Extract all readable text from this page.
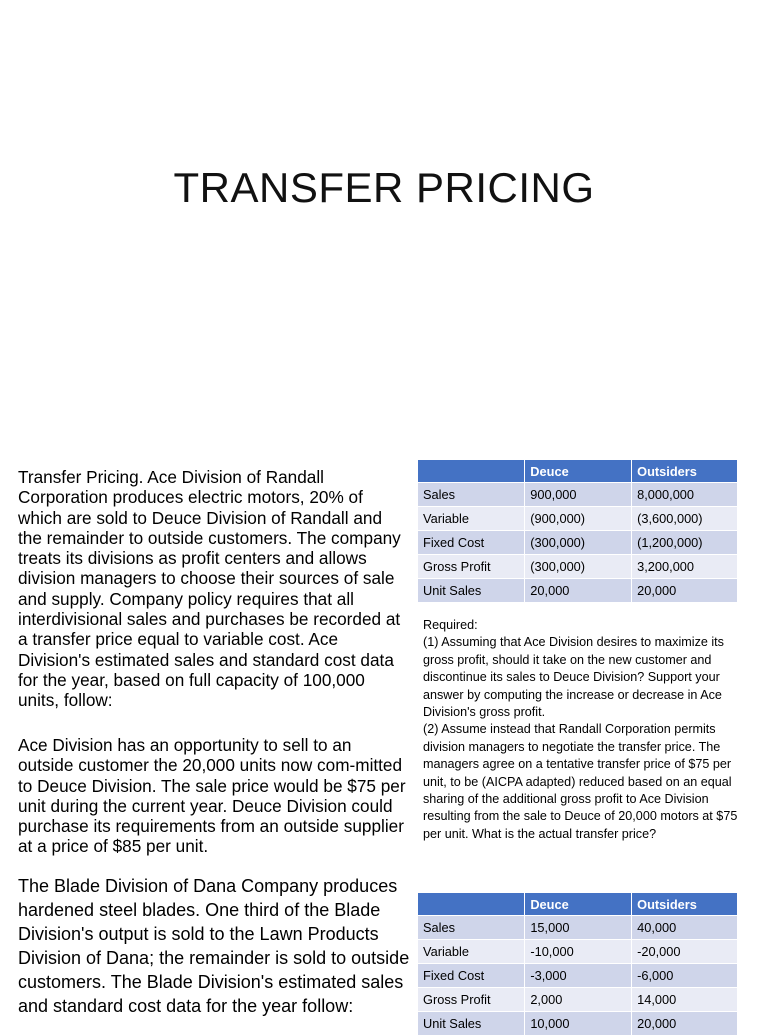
TRANSFER PRICING
Transfer Pricing. Ace Division of Randall Corporation produces electric motors, 20% of which are sold to Deuce Division of Randall and the remainder to outside customers. The company treats its divisions as profit centers and allows division managers to choose their sources of sale and supply. Company policy requires that all interdivisional sales and purchases be recorded at a transfer price equal to variable cost. Ace Division's estimated sales and standard cost data for the year, based on full capacity of 100,000 units, follow:
Ace Division has an opportunity to sell to an outside customer the 20,000 units now com-mitted to Deuce Division. The sale price would be $75 per unit during the current year. Deuce Division could purchase its requirements from an outside supplier at a price of $85 per unit.
The Blade Division of Dana Company produces hardened steel blades. One third of the Blade Division's output is sold to the Lawn Products Division of Dana; the remainder is sold to outside customers. The Blade Division's estimated sales and standard cost data for the year follow:
	Deuce	Outsiders
Sales	900,000	8,000,000
Variable	(900,000)	(3,600,000)
Fixed Cost	(300,000)	(1,200,000)
Gross Profit	(300,000)	3,200,000
Unit Sales	20,000	20,000

Required:

(1) Assuming that Ace Division desires to maximize its gross profit, should it take on the new customer and discontinue its sales to Deuce Division? Support your answer by computing the increase or decrease in Ace Division's gross profit.

(2) Assume instead that Randall Corporation permits division managers to negotiate the transfer price. The managers agree on a tentative transfer price of $75 per unit, to be (AICPA adapted) reduced based on an equal sharing of the additional gross profit to Ace Division resulting from the sale to Deuce of 20,000 motors at $75 per unit. What is the actual transfer price?

	Deuce	Outsiders
Sales	15,000	40,000
Variable	-10,000	-20,000
Fixed Cost	-3,000	-6,000
Gross Profit	2,000	14,000
Unit Sales	10,000	20,000
